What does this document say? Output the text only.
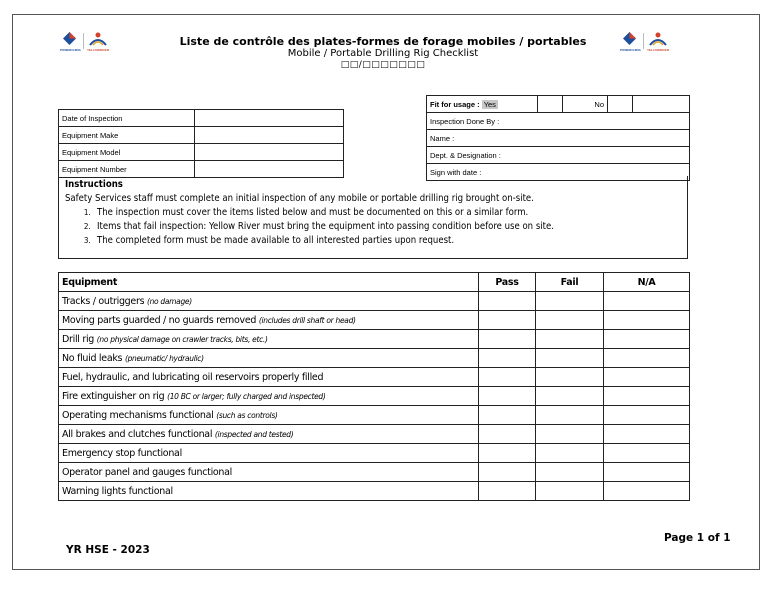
POWERCHINA YELLOWRIVER	POWERCHINA YELLOWRIVER
Liste de contrôle des plates-formes de forage mobiles / portables
Mobile / Portable Drilling Rig Checklist
□□/□□□□□□□
Date of Inspection	
Equipment Make	
Equipment Model	
Equipment Number	
Fit for usage : Yes		No		
Inspection Done By :
Name :
Dept. & Designation :
Sign with date :
Instructions
Safety Services staff must complete an initial inspection of any mobile or portable drilling rig brought on-site.
1. The inspection must cover the items listed below and must be documented on this or a similar form.
2. Items that fail inspection: Yellow River must bring the equipment into passing condition before use on site.
3. The completed form must be made available to all interested parties upon request.
Equipment	Pass	Fail	N/A
Tracks / outriggers (no damage)			
Moving parts guarded / no guards removed (includes drill shaft or head)			
Drill rig (no physical damage on crawler tracks, bits, etc.)			
No fluid leaks (pneumatic/ hydraulic)			
Fuel, hydraulic, and lubricating oil reservoirs properly filled			
Fire extinguisher on rig (10 BC or larger; fully charged and inspected)			
Operating mechanisms functional (such as controls)			
All brakes and clutches functional (inspected and tested)			
Emergency stop functional			
Operator panel and gauges functional			
Warning lights functional			
YR HSE - 2023
Page 1 of 1
